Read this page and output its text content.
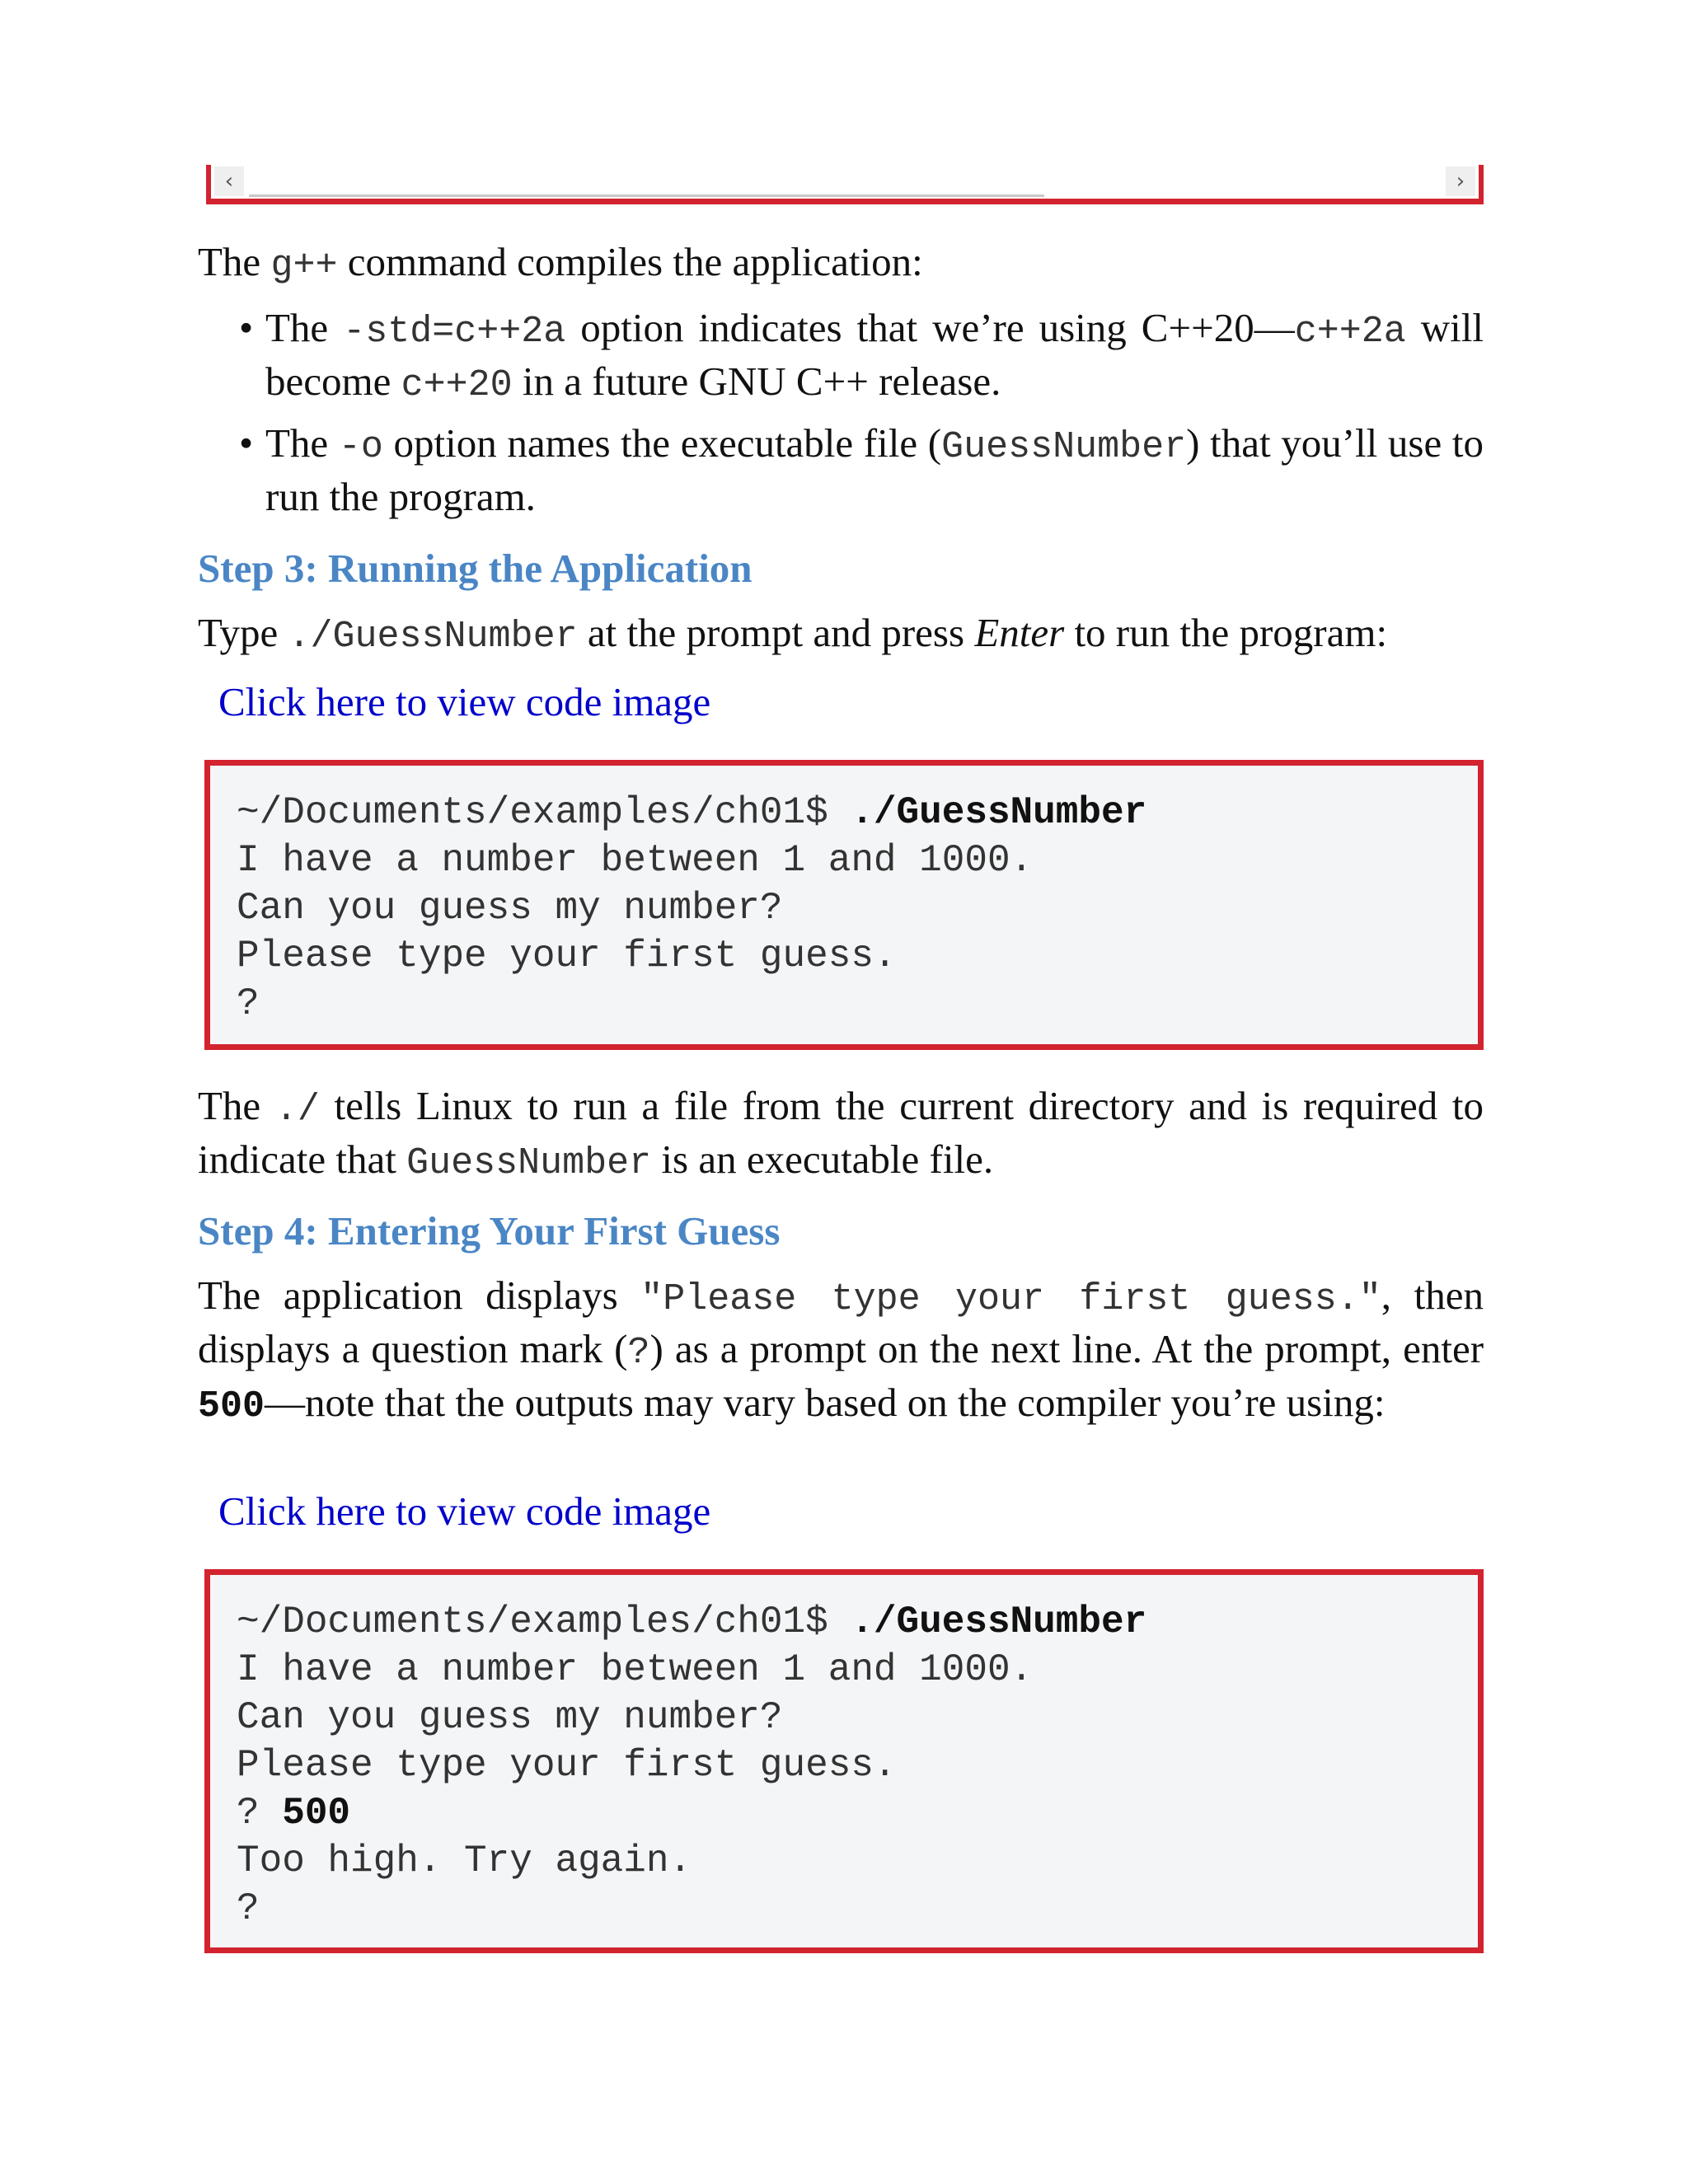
‹	›
The g++ command compiles the application:
• The -std=c++2a option indicates that we’re using C++20—c++2a will become c++20 in a future GNU C++ release.
• The -o option names the executable file (GuessNumber) that you’ll use to run the program.
Step 3: Running the Application
Type ./GuessNumber at the prompt and press Enter to run the program:
Click here to view code image
~/Documents/examples/ch01$ ./GuessNumber
I have a number between 1 and 1000.
Can you guess my number?
Please type your first guess.
?
The ./ tells Linux to run a file from the current directory and is required to indicate that GuessNumber is an executable file.
Step 4: Entering Your First Guess
The application displays "Please type your first guess.", then displays a question mark (?) as a prompt on the next line. At the prompt, enter 500—note that the outputs may vary based on the compiler you’re using:
Click here to view code image
~/Documents/examples/ch01$ ./GuessNumber
I have a number between 1 and 1000.
Can you guess my number?
Please type your first guess.
? 500
Too high. Try again.
?
